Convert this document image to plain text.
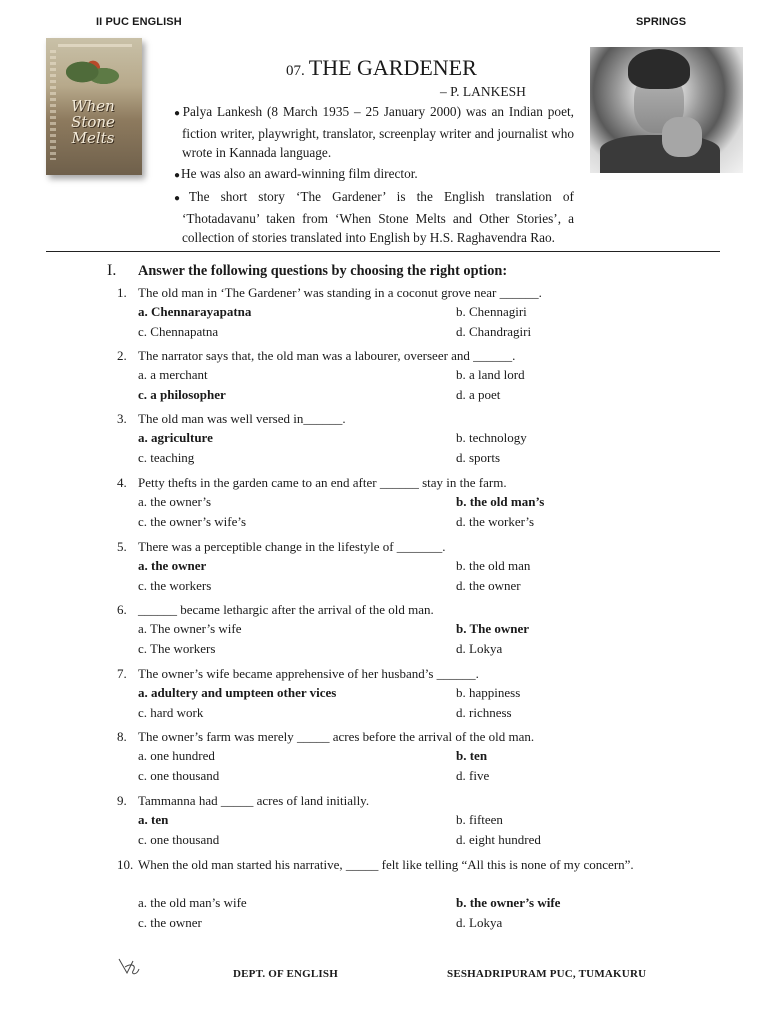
II PUC ENGLISH	SPRINGS
When Stone Melts
07. THE GARDENER
– P. LANKESH

●Palya Lankesh (8 March 1935 – 25 January 2000) was an Indian poet, fiction writer, playwright, translator, screenplay writer and journalist who wrote in Kannada language.

●He was also an award-winning film director.

●The short story ‘The Gardener’ is the English translation of ‘Thotadavanu’ taken from ‘When Stone Melts and Other Stories’, a collection of stories translated into English by H.S. Raghavendra Rao.

I. Answer the following questions by choosing the right option:
1. The old man in ‘The Gardener’ was standing in a coconut grove near ______.
a. Chennarayapatna	b. Chennagiri
c. Chennapatna	d. Chandragiri
2. The narrator says that, the old man was a labourer, overseer and ______.
a. a merchant	b. a land lord
c. a philosopher	d. a poet
3. The old man was well versed in______.
a. agriculture	b. technology
c. teaching	d. sports
4. Petty thefts in the garden came to an end after ______ stay in the farm.
a. the owner’s	b. the old man’s
c. the owner’s wife’s	d. the worker’s
5. There was a perceptible change in the lifestyle of _______.
a. the owner	b. the old man
c. the workers	d. the owner
6. ______ became lethargic after the arrival of the old man.
a. The owner’s wife	b. The owner
c. The workers	d. Lokya
7. The owner’s wife became apprehensive of her husband’s ______.
a. adultery and umpteen other vices	b. happiness
c. hard work	d. richness
8. The owner’s farm was merely _____ acres before the arrival of the old man.
a. one hundred	b. ten
c. one thousand	d. five
9. Tammanna had _____ acres of land initially.
a. ten	b. fifteen
c. one thousand	d. eight hundred
10. When the old man started his narrative, _____ felt like telling “All this is none of my concern”.
a. the old man’s wife	b. the owner’s wife
c. the owner	d. Lokya
DEPT. OF ENGLISH	SESHADRIPURAM PUC, TUMAKURU
